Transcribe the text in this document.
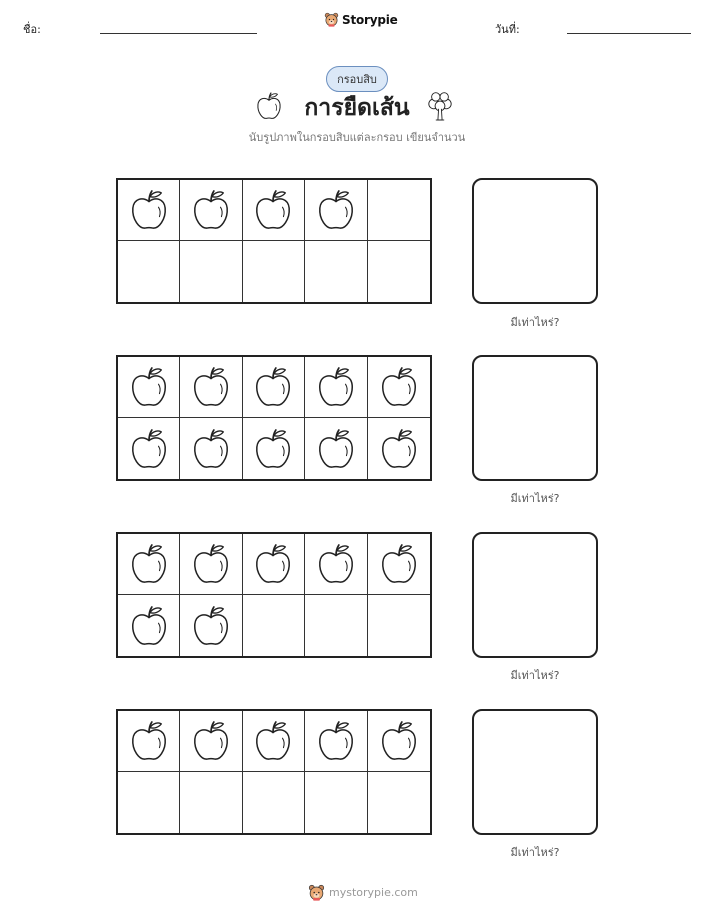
ชื่อ:
Storypie
วันที่:
กรอบสิบ
การยืดเส้น
นับรูปภาพในกรอบสิบแต่ละกรอบ เขียนจำนวน
มีเท่าไหร่?
มีเท่าไหร่?
มีเท่าไหร่?
มีเท่าไหร่?
mystorypie.com
